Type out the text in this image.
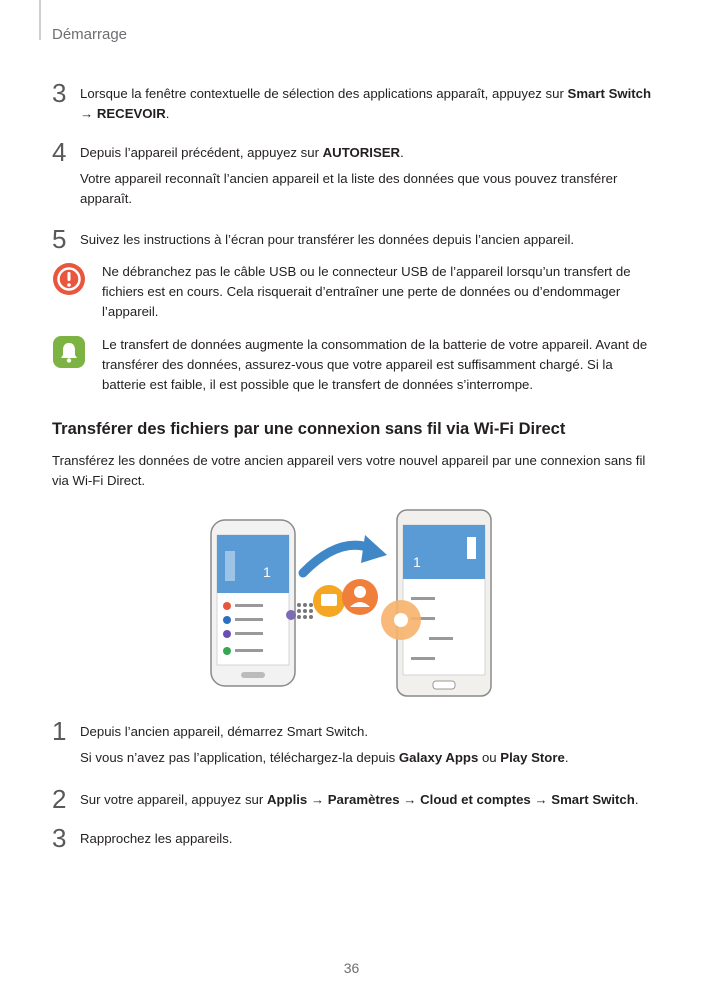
Démarrage
3 Lorsque la fenêtre contextuelle de sélection des applications apparaît, appuyez sur Smart Switch → RECEVOIR.

4 Depuis l’appareil précédent, appuyez sur AUTORISER.

Votre appareil reconnaît l’ancien appareil et la liste des données que vous pouvez transférer apparaît.

5 Suivez les instructions à l’écran pour transférer les données depuis l’ancien appareil.

Ne débranchez pas le câble USB ou le connecteur USB de l’appareil lorsqu’un transfert de fichiers est en cours. Cela risquerait d’entraîner une perte de données ou d’endommager l’appareil.

Le transfert de données augmente la consommation de la batterie de votre appareil. Avant de transférer des données, assurez-vous que votre appareil est suffisamment chargé. Si la batterie est faible, il est possible que le transfert de données s’interrompe.

Transférer des fichiers par une connexion sans fil via Wi-Fi Direct
Transférez les données de votre ancien appareil vers votre nouvel appareil par une connexion sans fil via Wi-Fi Direct.
1
1
1 Depuis l’ancien appareil, démarrez Smart Switch.

Si vous n’avez pas l’application, téléchargez-la depuis Galaxy Apps ou Play Store.

2 Sur votre appareil, appuyez sur Applis → Paramètres → Cloud et comptes → Smart Switch.

3 Rapprochez les appareils.

36
